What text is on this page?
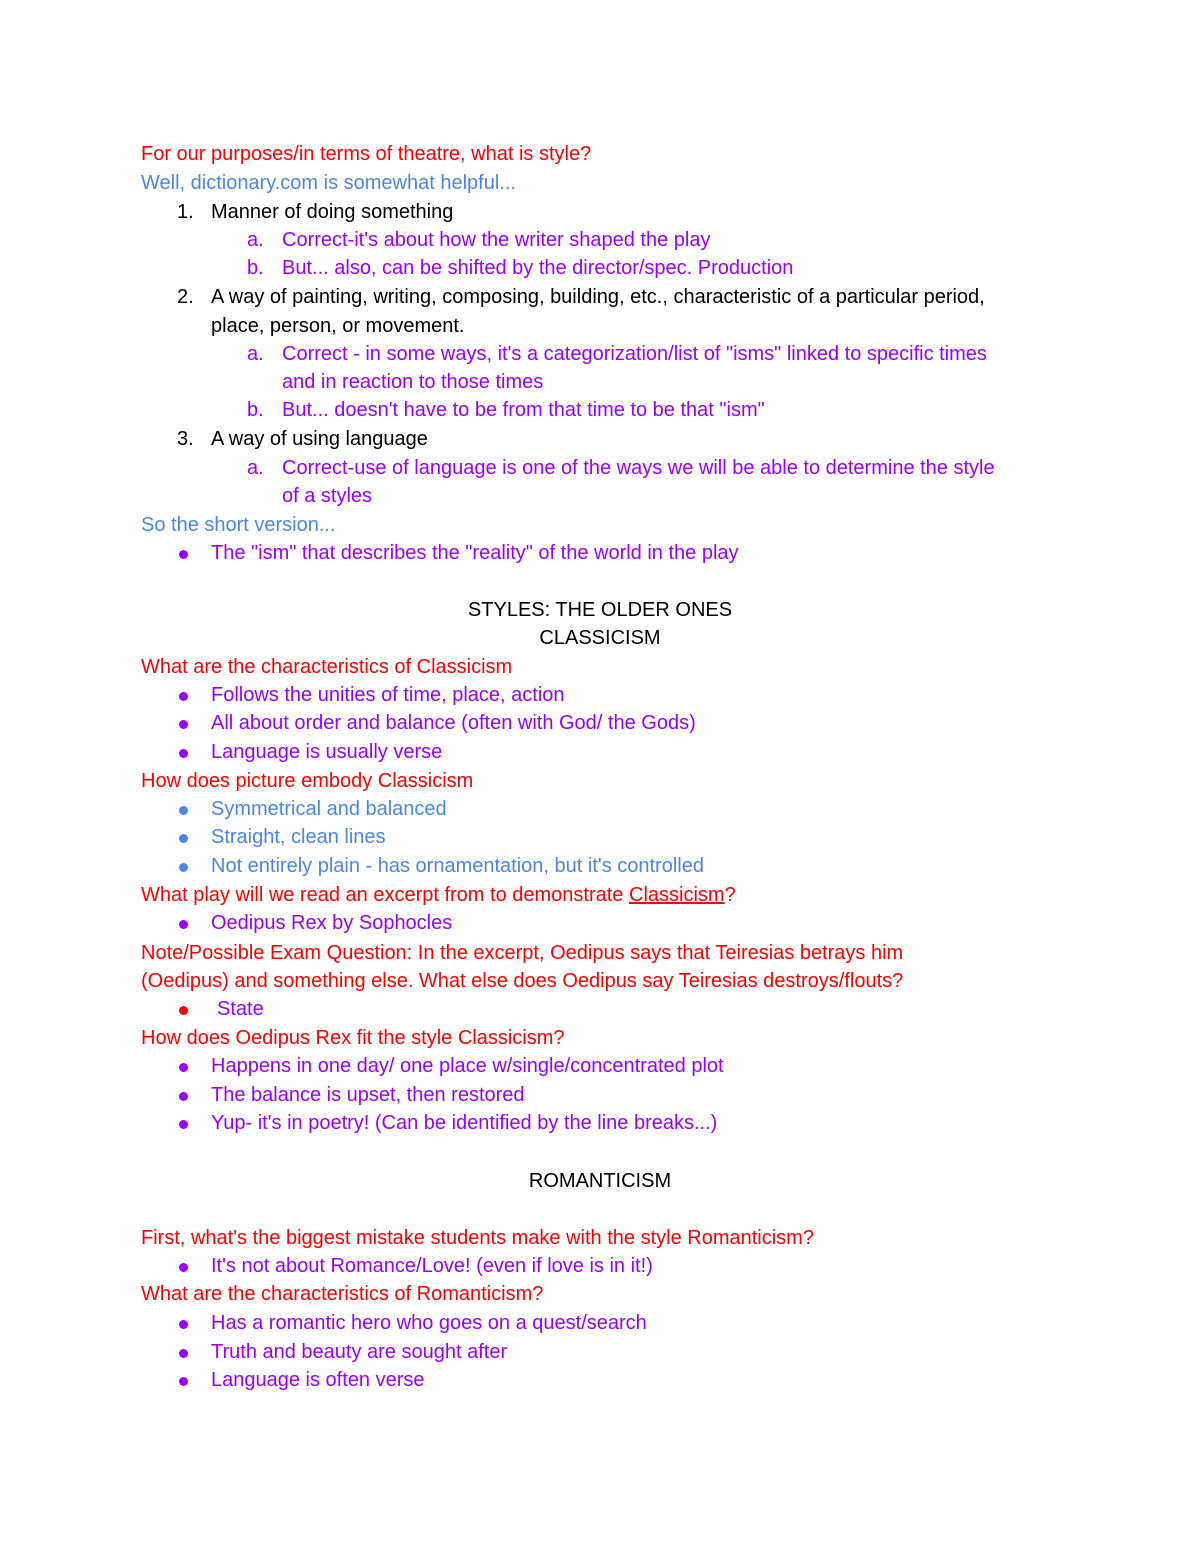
For our purposes/in terms of theatre, what is style?
Well, dictionary.com is somewhat helpful...
1. Manner of doing something
a. Correct-it's about how the writer shaped the play
b. But... also, can be shifted by the director/spec. Production
2. A way of painting, writing, composing, building, etc., characteristic of a particular period,
place, person, or movement.
a. Correct - in some ways, it's a categorization/list of "isms" linked to specific times
and in reaction to those times
b. But... doesn't have to be from that time to be that "ism"
3. A way of using language
a. Correct-use of language is one of the ways we will be able to determine the style
of a styles
So the short version...
The "ism" that describes the "reality" of the world in the play
STYLES: THE OLDER ONES
CLASSICISM
What are the characteristics of Classicism
Follows the unities of time, place, action
All about order and balance (often with God/ the Gods)
Language is usually verse
How does picture embody Classicism
Symmetrical and balanced
Straight, clean lines
Not entirely plain - has ornamentation, but it's controlled
What play will we read an excerpt from to demonstrate Classicism?
Oedipus Rex by Sophocles
Note/Possible Exam Question: In the excerpt, Oedipus says that Teiresias betrays him
(Oedipus) and something else. What else does Oedipus say Teiresias destroys/flouts?
State
How does Oedipus Rex fit the style Classicism?
Happens in one day/ one place w/single/concentrated plot
The balance is upset, then restored
Yup- it's in poetry! (Can be identified by the line breaks...)
ROMANTICISM
First, what's the biggest mistake students make with the style Romanticism?
It's not about Romance/Love! (even if love is in it!)
What are the characteristics of Romanticism?
Has a romantic hero who goes on a quest/search
Truth and beauty are sought after
Language is often verse
